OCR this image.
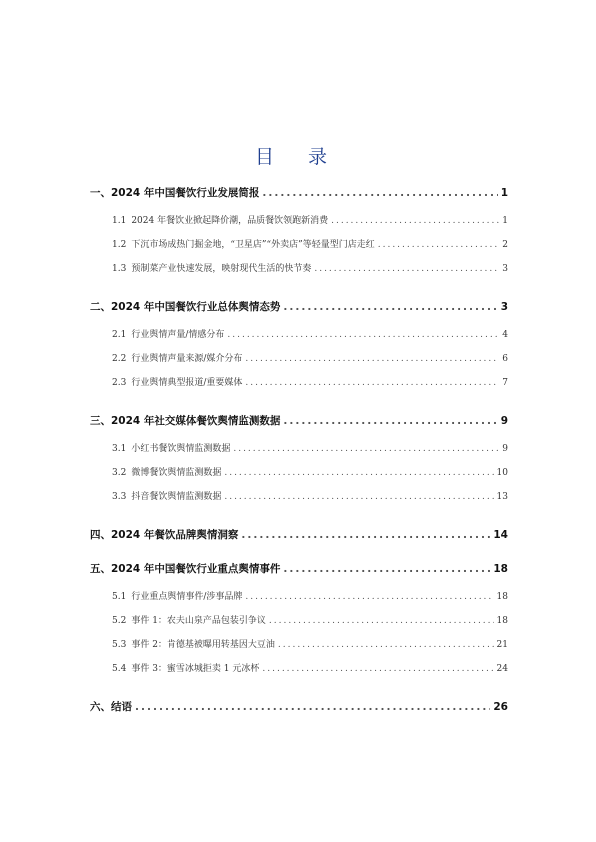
目 录
一、 2024 年中国餐饮行业发展简报 .....	1
1.1 2024 年餐饮业掀起降价潮，品质餐饮领跑新消费 .....	1
1.2 下沉市场成热门掘金地，“卫星店”“外卖店”等轻量型门店走红 .....	2
1.3 预制菜产业快速发展，映射现代生活的快节奏 .....	3
二、 2024 年中国餐饮行业总体舆情态势 .....	3
2.1 行业舆情声量/情感分布 .....	4
2.2 行业舆情声量来源/媒介分布 .....	6
2.3 行业舆情典型报道/重要媒体 .....	7
三、 2024 年社交媒体餐饮舆情监测数据 .....	9
3.1 小红书餐饮舆情监测数据 .....	9
3.2 微博餐饮舆情监测数据 .....	10
3.3 抖音餐饮舆情监测数据 .....	13
四、 2024 年餐饮品牌舆情洞察 .....	14
五、 2024 年中国餐饮行业重点舆情事件 .....	18
5.1 行业重点舆情事件/涉事品牌 .....	18
5.2 事件 1：农夫山泉产品包装引争议 .....	18
5.3 事件 2：肯德基被曝用转基因大豆油 .....	21
5.4 事件 3：蜜雪冰城拒卖 1 元冰杯 .....	24
六、 结语 .....	26
